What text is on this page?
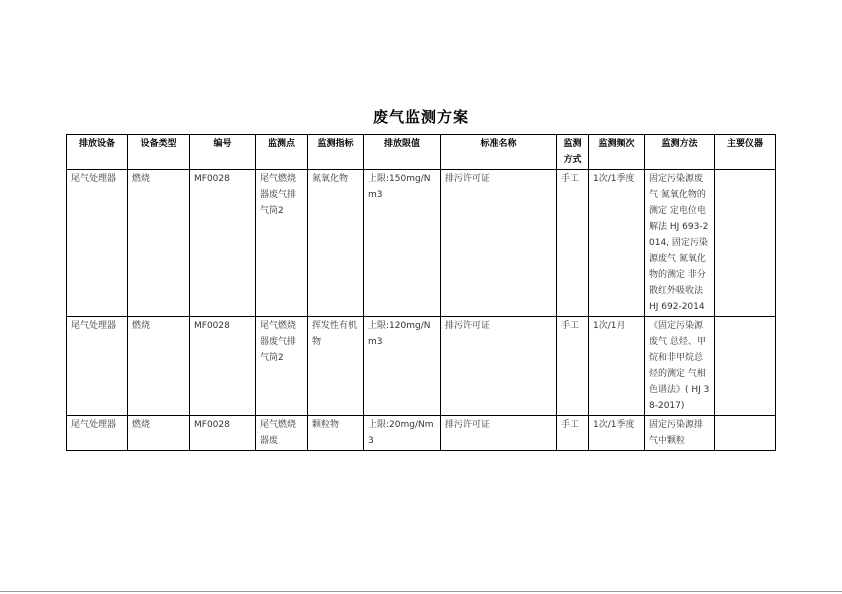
废气监测方案
排放设备	设备类型	编号	监测点	监测指标	排放限值	标准名称	监测方式	监测频次	监测方法	主要仪器
尾气处理器	燃烧	MF0028	尾气燃烧器废气排气筒2	氮氧化物	上限:150mg/Nm3	排污许可证	手工	1次/1季度	固定污染源废气 氮氧化物的测定 定电位电解法 HJ 693-2014, 固定污染源废气 氮氧化物的测定 非分散红外吸收法 HJ 692-2014	
尾气处理器	燃烧	MF0028	尾气燃烧器废气排气筒2	挥发性有机物	上限:120mg/Nm3	排污许可证	手工	1次/1月	《固定污染源废气 总烃、甲烷和非甲烷总烃的测定 气相色谱法》( HJ 38-2017)	
尾气处理器	燃烧	MF0028	尾气燃烧器废	颗粒物	上限:20mg/Nm3	排污许可证	手工	1次/1季度	固定污染源排气中颗粒	
